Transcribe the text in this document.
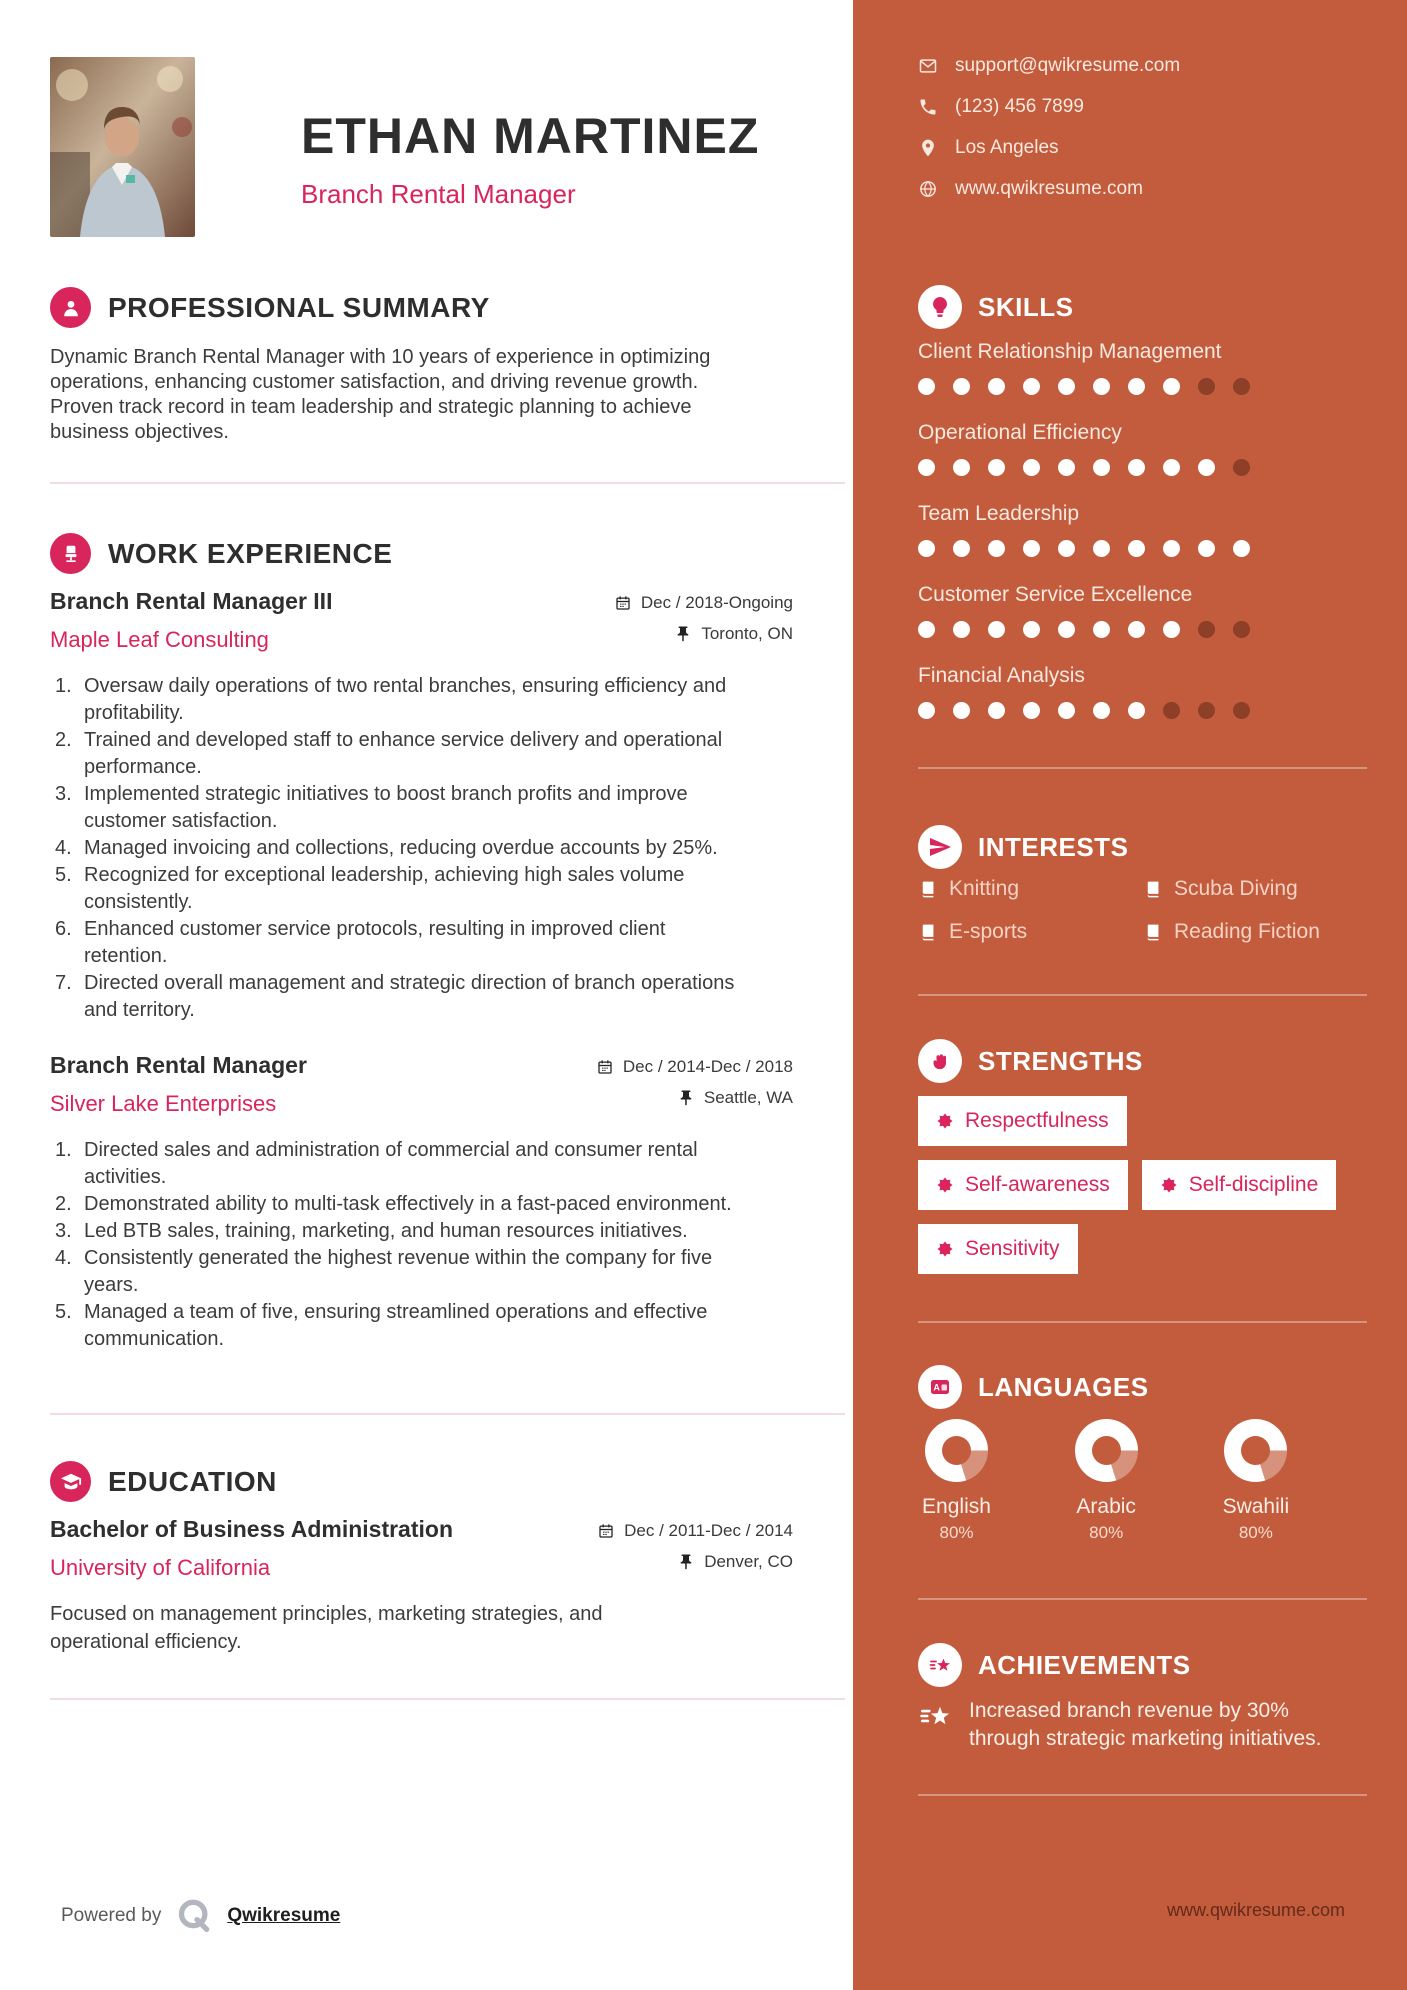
ETHAN MARTINEZ
Branch Rental Manager
PROFESSIONAL SUMMARY
Dynamic Branch Rental Manager with 10 years of experience in optimizing operations, enhancing customer satisfaction, and driving revenue growth. Proven track record in team leadership and strategic planning to achieve business objectives.
WORK EXPERIENCE
Branch Rental Manager III
Maple Leaf Consulting
Dec / 2018-Ongoing
Toronto, ON
Oversaw daily operations of two rental branches, ensuring efficiency and profitability.
Trained and developed staff to enhance service delivery and operational performance.
Implemented strategic initiatives to boost branch profits and improve customer satisfaction.
Managed invoicing and collections, reducing overdue accounts by 25%.
Recognized for exceptional leadership, achieving high sales volume consistently.
Enhanced customer service protocols, resulting in improved client retention.
Directed overall management and strategic direction of branch operations and territory.
Branch Rental Manager
Silver Lake Enterprises
Dec / 2014-Dec / 2018
Seattle, WA
Directed sales and administration of commercial and consumer rental activities.
Demonstrated ability to multi-task effectively in a fast-paced environment.
Led BTB sales, training, marketing, and human resources initiatives.
Consistently generated the highest revenue within the company for five years.
Managed a team of five, ensuring streamlined operations and effective communication.
EDUCATION
Bachelor of Business Administration
University of California
Dec / 2011-Dec / 2014
Denver, CO
Focused on management principles, marketing strategies, and operational efficiency.
Powered by	Qwikresume
support@qwikresume.com
(123) 456 7899
Los Angeles
www.qwikresume.com
SKILLS
Client Relationship Management
Operational Efficiency
Team Leadership
Customer Service Excellence
Financial Analysis
INTERESTS
Knitting	Scuba Diving
E-sports	Reading Fiction
STRENGTHS
Respectfulness
Self-awareness	Self-discipline
Sensitivity
A LANGUAGES
English
80%
Arabic
80%
Swahili
80%
ACHIEVEMENTS
Increased branch revenue by 30% through strategic marketing initiatives.
www.qwikresume.com
